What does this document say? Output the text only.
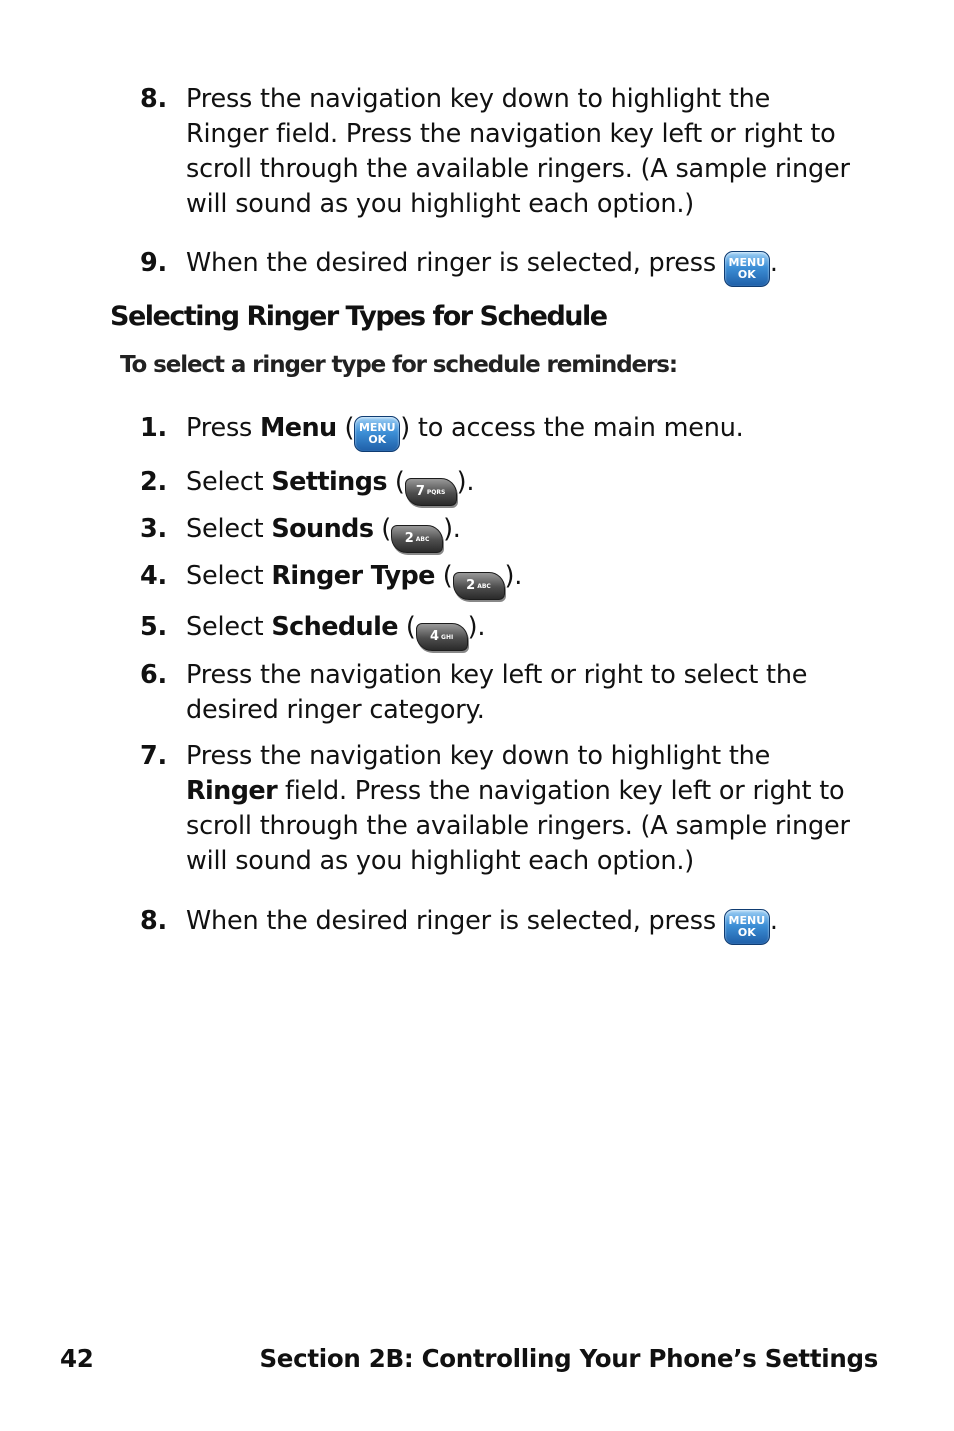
8. Press the navigation key down to highlight the Ringer field. Press the navigation key left or right to scroll through the available ringers. (A sample ringer will sound as you highlight each option.)
9. When the desired ringer is selected, press MENU
OK .
Selecting Ringer Types for Schedule

To select a ringer type for schedule reminders:

1. Press Menu ( MENU
OK ) to access the main menu.
2. Select Settings ( 7 PQRS ).
3. Select Sounds ( 2 ABC ).
4. Select Ringer Type ( 2 ABC ).
5. Select Schedule ( 4 GHI ).
6. Press the navigation key left or right to select the desired ringer category.
7. Press the navigation key down to highlight the Ringer field. Press the navigation key left or right to scroll through the available ringers. (A sample ringer will sound as you highlight each option.)
8. When the desired ringer is selected, press MENU
OK .
42	Section 2B: Controlling Your Phone’s Settings
